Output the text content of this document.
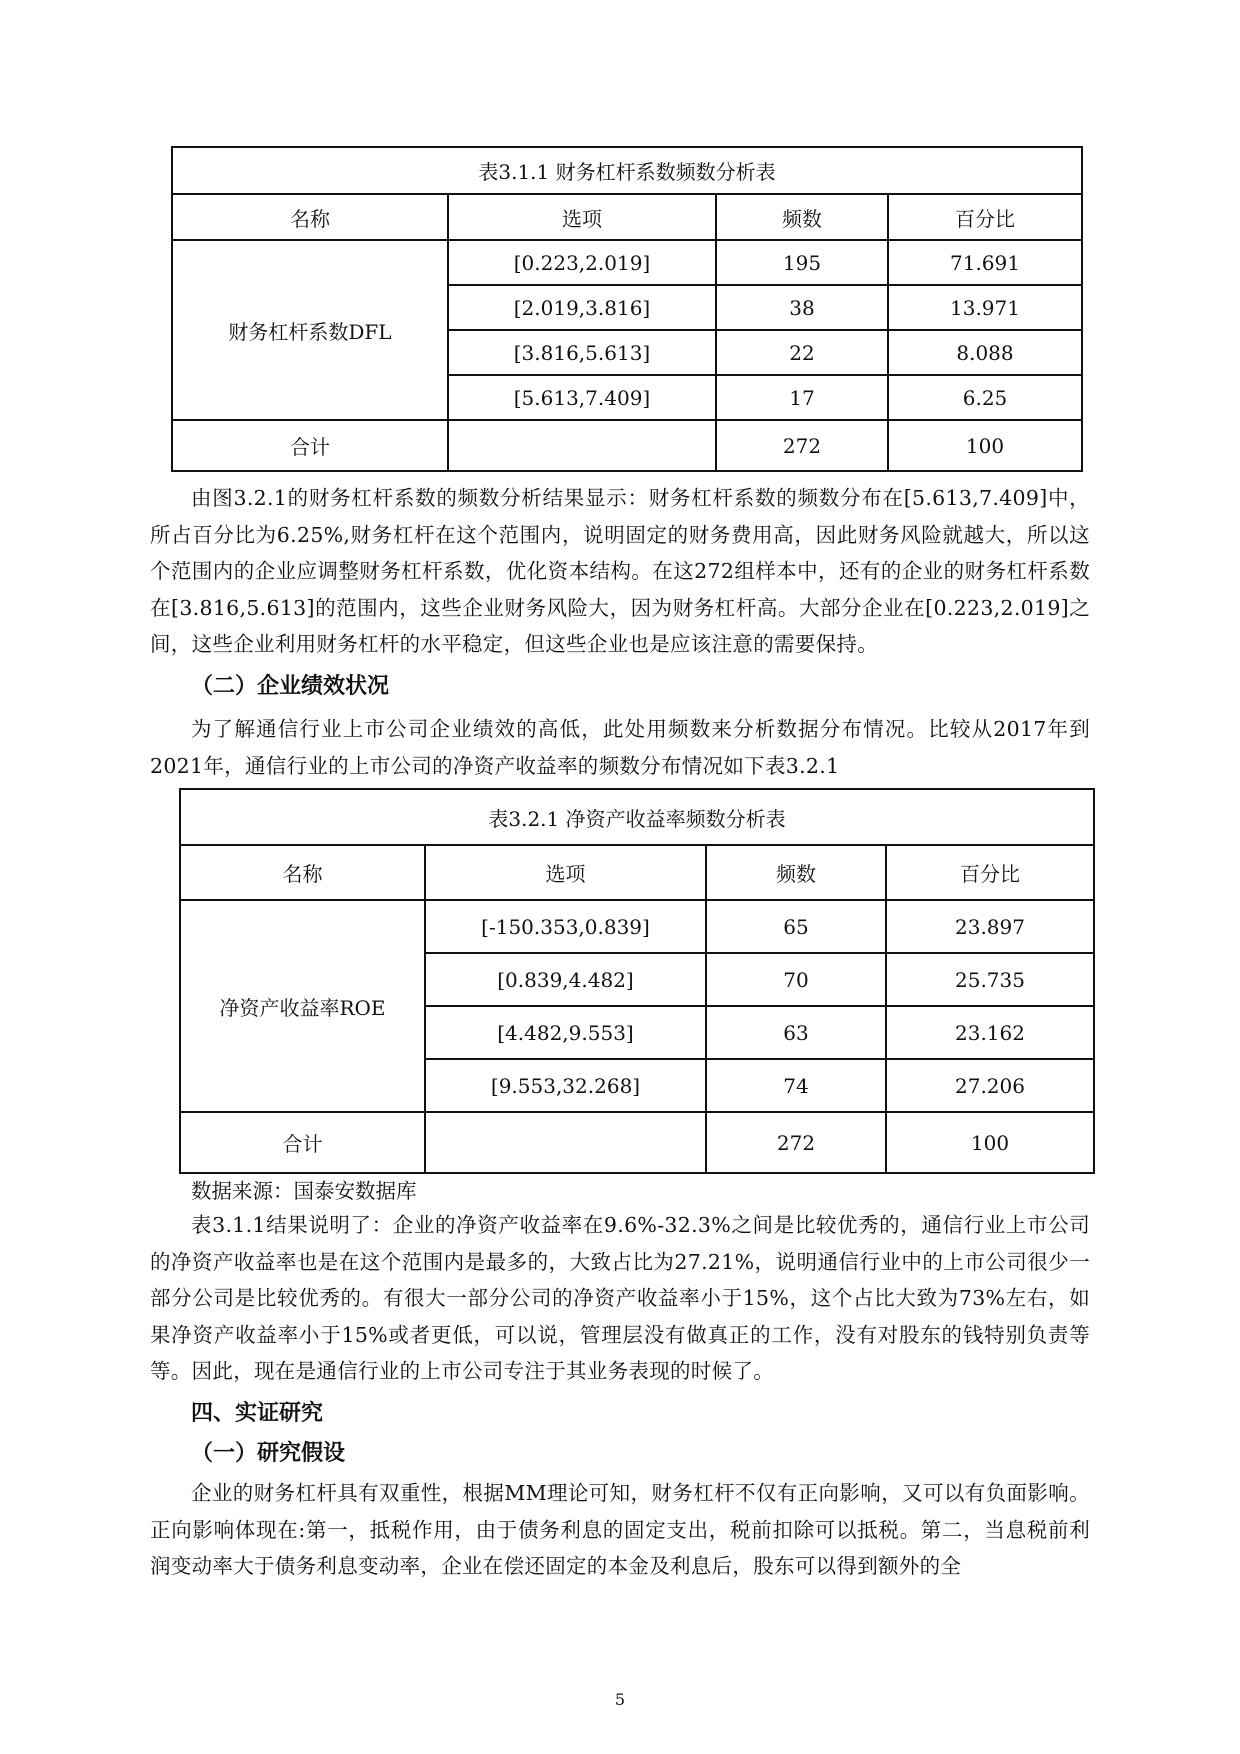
表3.1.1 财务杠杆系数频数分析表			
名称	选项	频数	百分比
财务杠杆系数DFL	[0.223,2.019]	195	71.691
	[2.019,3.816]	38	13.971
	[3.816,5.613]	22	8.088
	[5.613,7.409]	17	6.25
合计		272	100

由图3.2.1的财务杠杆系数的频数分析结果显示：财务杠杆系数的频数分布在[5.613,7.409]中，所占百分比为6.25%,财务杠杆在这个范围内，说明固定的财务费用高，因此财务风险就越大，所以这个范围内的企业应调整财务杠杆系数，优化资本结构。在这272组样本中，还有的企业的财务杠杆系数在[3.816,5.613]的范围内，这些企业财务风险大，因为财务杠杆高。大部分企业在[0.223,2.019]之间，这些企业利用财务杠杆的水平稳定，但这些企业也是应该注意的需要保持。

（二）企业绩效状况

为了解通信行业上市公司企业绩效的高低，此处用频数来分析数据分布情况。比较从2017年到2021年，通信行业的上市公司的净资产收益率的频数分布情况如下表3.2.1

表3.2.1 净资产收益率频数分析表			
名称	选项	频数	百分比
净资产收益率ROE	[-150.353,0.839]	65	23.897
	[0.839,4.482]	70	25.735
	[4.482,9.553]	63	23.162
	[9.553,32.268]	74	27.206
合计		272	100

数据来源：国泰安数据库

表3.1.1结果说明了：企业的净资产收益率在9.6%-32.3%之间是比较优秀的，通信行业上市公司的净资产收益率也是在这个范围内是最多的，大致占比为27.21%，说明通信行业中的上市公司很少一部分公司是比较优秀的。有很大一部分公司的净资产收益率小于15%，这个占比大致为73%左右，如果净资产收益率小于15%或者更低，可以说，管理层没有做真正的工作，没有对股东的钱特别负责等等。因此，现在是通信行业的上市公司专注于其业务表现的时候了。

四、实证研究

（一）研究假设

企业的财务杠杆具有双重性，根据MM理论可知，财务杠杆不仅有正向影响，又可以有负面影响。正向影响体现在:第一，抵税作用，由于债务利息的固定支出，税前扣除可以抵税。第二，当息税前利润变动率大于债务利息变动率，企业在偿还固定的本金及利息后，股东可以得到额外的全

5
